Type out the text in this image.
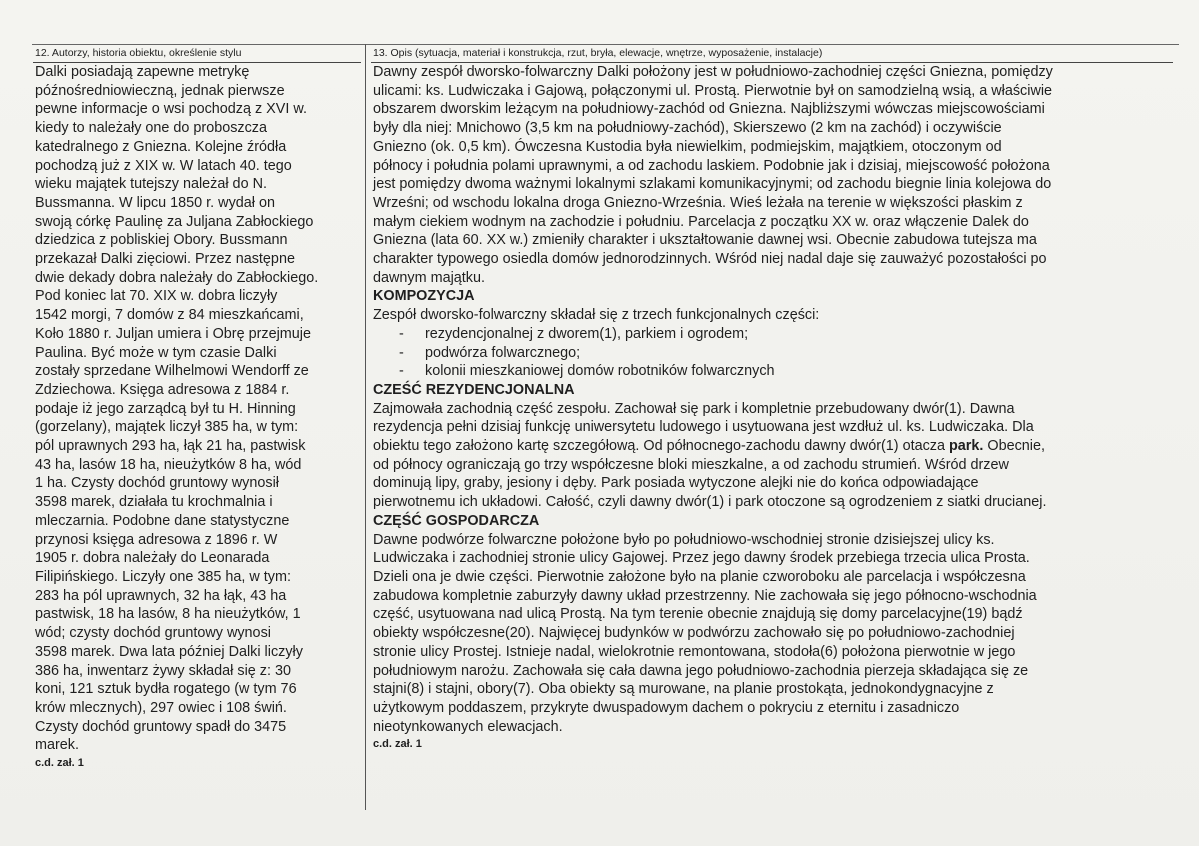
12. Autorzy, historia obiektu, określenie stylu
Dalki posiadają zapewne metrykę
późnośredniowieczną, jednak pierwsze
pewne informacje o wsi pochodzą z XVI w.
kiedy to należały one do proboszcza
katedralnego z Gniezna. Kolejne źródła
pochodzą już z XIX w. W latach 40. tego
wieku majątek tutejszy należał do N.
Bussmanna. W lipcu 1850 r. wydał on
swoją córkę Paulinę za Juljana Zabłockiego
dziedzica z pobliskiej Obory. Bussmann
przekazał Dalki zięciowi. Przez następne
dwie dekady dobra należały do Zabłockiego.
Pod koniec lat 70. XIX w. dobra liczyły
1542 morgi, 7 domów z 84 mieszkańcami,
Koło 1880 r. Juljan umiera i Obrę przejmuje
Paulina. Być może w tym czasie Dalki
zostały sprzedane Wilhelmowi Wendorff ze
Zdziechowa. Księga adresowa z 1884 r.
podaje iż jego zarządcą był tu H. Hinning
(gorzelany), majątek liczył 385 ha, w tym:
pól uprawnych 293 ha, łąk 21 ha, pastwisk
43 ha, lasów 18 ha, nieużytków 8 ha, wód
1 ha. Czysty dochód gruntowy wynosił
3598 marek, działała tu krochmalnia i
mleczarnia. Podobne dane statystyczne
przynosi księga adresowa z 1896 r. W
1905 r. dobra należały do Leonarada
Filipińskiego. Liczyły one 385 ha, w tym:
283 ha pól uprawnych, 32 ha łąk, 43 ha
pastwisk, 18 ha lasów, 8 ha nieużytków, 1
wód; czysty dochód gruntowy wynosi
3598 marek. Dwa lata później Dalki liczyły
386 ha, inwentarz żywy składał się z: 30
koni, 121 sztuk bydła rogatego (w tym 76
krów mlecznych), 297 owiec i 108 świń.
Czysty dochód gruntowy spadł do 3475
marek.
c.d. zał. 1
13. Opis (sytuacja, materiał i konstrukcja, rzut, bryła, elewacje, wnętrze, wyposażenie, instalacje)
Dawny zespół dworsko-folwarczny Dalki położony jest w południowo-zachodniej części Gniezna, pomiędzy
ulicami: ks. Ludwiczaka i Gajową, połączonymi ul. Prostą. Pierwotnie był on samodzielną wsią, a właściwie
obszarem dworskim leżącym na południowy-zachód od Gniezna. Najbliższymi wówczas miejscowościami
były dla niej: Mnichowo (3,5 km na południowy-zachód), Skierszewo (2 km na zachód) i oczywiście
Gniezno (ok. 0,5 km). Ówczesna Kustodia była niewielkim, podmiejskim, majątkiem, otoczonym od
północy i południa polami uprawnymi, a od zachodu laskiem. Podobnie jak i dzisiaj, miejscowość położona
jest pomiędzy dwoma ważnymi lokalnymi szlakami komunikacyjnymi; od zachodu biegnie linia kolejowa do
Wrześni; od wschodu lokalna droga Gniezno-Września. Wieś leżała na terenie w większości płaskim z
małym ciekiem wodnym na zachodzie i południu. Parcelacja z początku XX w. oraz włączenie Dalek do
Gniezna (lata 60. XX w.) zmieniły charakter i ukształtowanie dawnej wsi. Obecnie zabudowa tutejsza ma
charakter typowego osiedla domów jednorodzinnych. Wśród niej nadal daje się zauważyć pozostałości po
dawnym majątku.
KOMPOZYCJA
Zespół dworsko-folwarczny składał się z trzech funkcjonalnych części:
- rezydencjonalnej z dworem(1), parkiem i ogrodem;
- podwórza folwarcznego;
- kolonii mieszkaniowej domów robotników folwarcznych
CZEŚĆ REZYDENCJONALNA
Zajmowała zachodnią część zespołu. Zachował się park i kompletnie przebudowany dwór(1). Dawna
rezydencja pełni dzisiaj funkcję uniwersytetu ludowego i usytuowana jest wzdłuż ul. ks. Ludwiczaka. Dla
obiektu tego założono kartę szczegółową. Od północnego-zachodu dawny dwór(1) otacza park. Obecnie,
od północy ograniczają go trzy współczesne bloki mieszkalne, a od zachodu strumień. Wśród drzew
dominują lipy, graby, jesiony i dęby. Park posiada wytyczone alejki nie do końca odpowiadające
pierwotnemu ich układowi. Całość, czyli dawny dwór(1) i park otoczone są ogrodzeniem z siatki drucianej.
CZĘŚĆ GOSPODARCZA
Dawne podwórze folwarczne położone było po południowo-wschodniej stronie dzisiejszej ulicy ks.
Ludwiczaka i zachodniej stronie ulicy Gajowej. Przez jego dawny środek przebiega trzecia ulica Prosta.
Dzieli ona je dwie części. Pierwotnie założone było na planie czworoboku ale parcelacja i współczesna
zabudowa kompletnie zaburzyły dawny układ przestrzenny. Nie zachowała się jego północno-wschodnia
część, usytuowana nad ulicą Prostą. Na tym terenie obecnie znajdują się domy parcelacyjne(19) bądź
obiekty współczesne(20). Najwięcej budynków w podwórzu zachowało się po południowo-zachodniej
stronie ulicy Prostej. Istnieje nadal, wielokrotnie remontowana, stodoła(6) położona pierwotnie w jego
południowym narożu. Zachowała się cała dawna jego południowo-zachodnia pierzeja składająca się ze
stajni(8) i stajni, obory(7). Oba obiekty są murowane, na planie prostokąta, jednokondygnacyjne z
użytkowym poddaszem, przykryte dwuspadowym dachem o pokryciu z eternitu i zasadniczo
nieotynkowanych elewacjach.
c.d. zał. 1
